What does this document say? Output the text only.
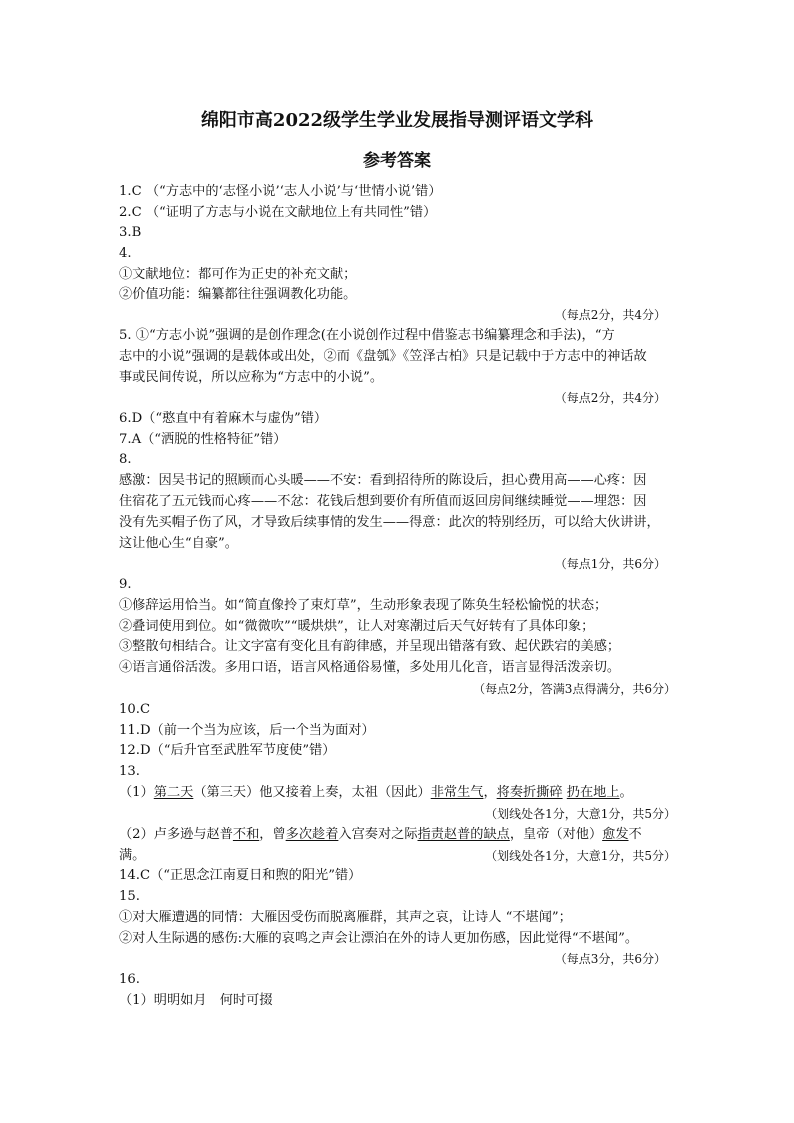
绵阳市高2022级学生学业发展指导测评语文学科
参考答案
1.C （“方志中的‘志怪小说’‘志人小说’与‘世情小说’错）
2.C （“证明了方志与小说在文献地位上有共同性”错）
3.B
4.
①文献地位：都可作为正史的补充文献；
②价值功能：编纂都往往强调教化功能。
（每点2分，共4分）
5. ①“方志小说”强调的是创作理念(在小说创作过程中借鉴志书编纂理念和手法)，“方
志中的小说”强调的是载体或出处，②而《盘瓠》《笠泽古柏》只是记载中于方志中的神话故
事或民间传说，所以应称为“方志中的小说”。
（每点2分，共4分）
6.D（“憨直中有着麻木与虚伪”错）
7.A（“洒脱的性格特征”错）
8.
感激：因吴书记的照顾而心头暖——不安：看到招待所的陈设后，担心费用高——心疼：因
住宿花了五元钱而心疼——不忿：花钱后想到要价有所值而返回房间继续睡觉——埋怨：因
没有先买帽子伤了风，才导致后续事情的发生——得意：此次的特别经历，可以给大伙讲讲，
这让他心生“自豪”。
（每点1分，共6分）
9.
①修辞运用恰当。如“简直像拎了束灯草”，生动形象表现了陈奂生轻松愉悦的状态；
②叠词使用到位。如“微微吹”“暖烘烘”，让人对寒潮过后天气好转有了具体印象；
③整散句相结合。让文字富有变化且有韵律感，并呈现出错落有致、起伏跌宕的美感；
④语言通俗活泼。多用口语，语言风格通俗易懂，多处用儿化音，语言显得活泼亲切。
（每点2分，答满3点得满分，共6分）
10.C
11.D（前一个当为应该，后一个当为面对）
12.D（“后升官至武胜军节度使”错）
13.
（1）第二天（第三天）他又接着上奏，太祖（因此）非常生气，将奏折撕碎 扔在地上。
（划线处各1分，大意1分，共5分）
（2）卢多逊与赵普不和，曾多次趁着入宫奏对之际指责赵普的缺点，皇帝（对他）愈发不
满。	（划线处各1分，大意1分，共5分）
14.C（“正思念江南夏日和煦的阳光”错）
15.
①对大雁遭遇的同情：大雁因受伤而脱离雁群，其声之哀，让诗人 “不堪闻”；
②对人生际遇的感伤:大雁的哀鸣之声会让漂泊在外的诗人更加伤感，因此觉得“不堪闻”。
（每点3分，共6分）
16.
（1）明明如月　何时可掇
